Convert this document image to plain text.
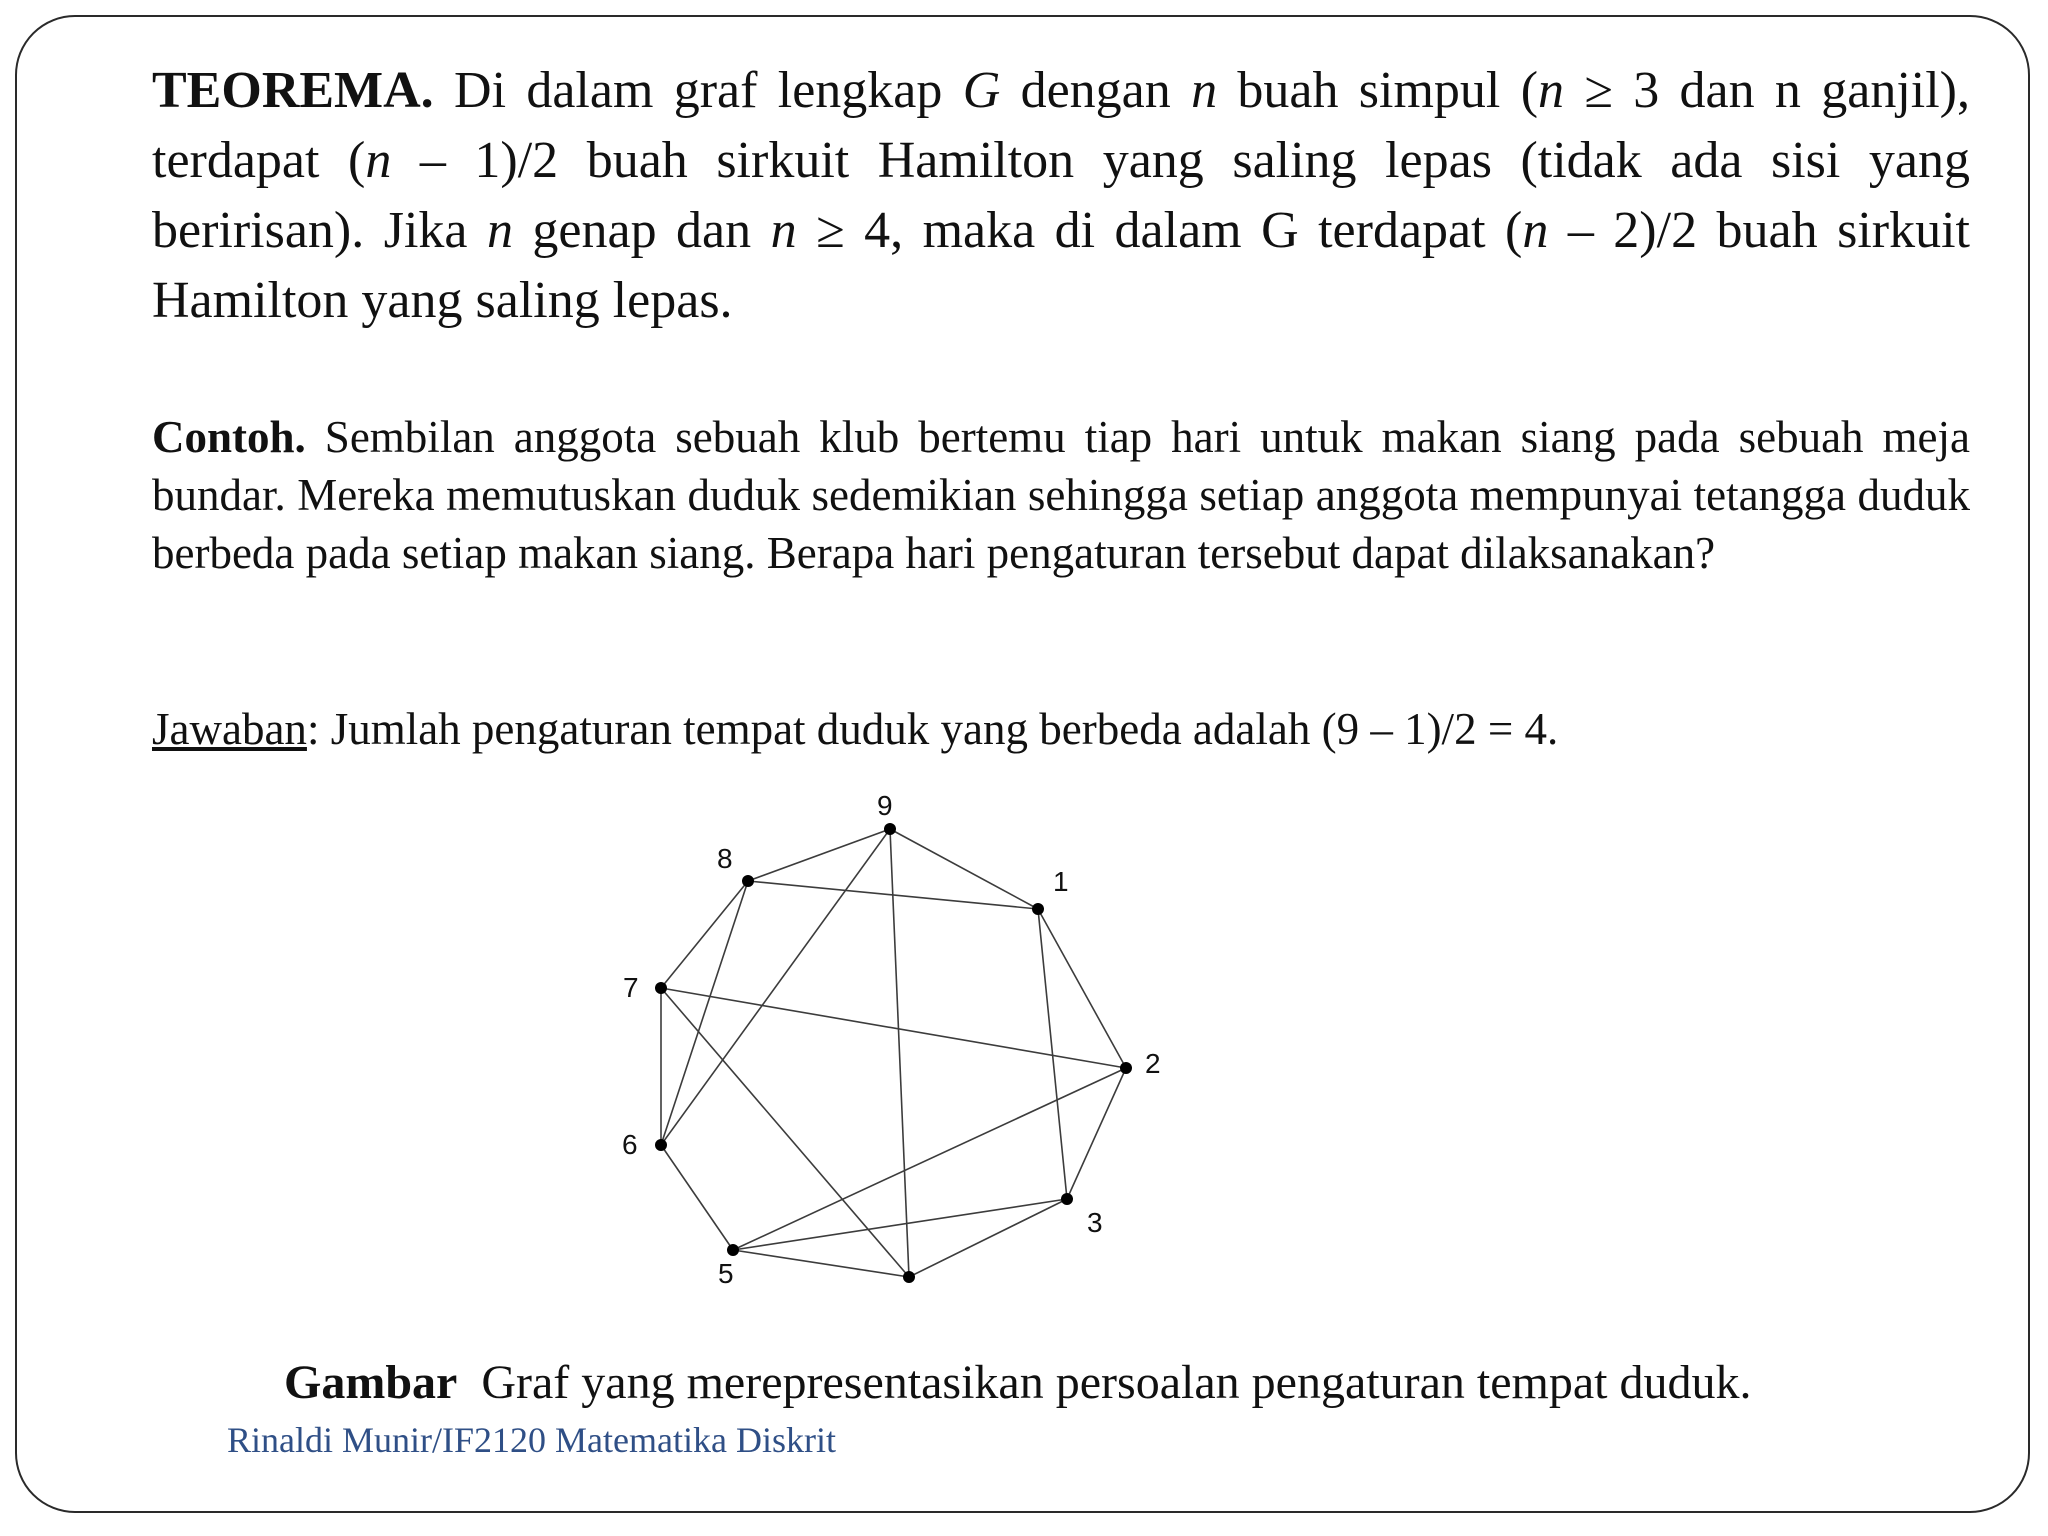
TEOREMA. Di dalam graf lengkap G dengan n buah simpul (n ≥ 3 dan n ganjil), terdapat (n – 1)/2 buah sirkuit Hamilton yang saling lepas (tidak ada sisi yang beririsan). Jika n genap dan n ≥ 4, maka di dalam G terdapat (n – 2)/2 buah sirkuit Hamilton yang saling lepas.

Contoh. Sembilan anggota sebuah klub bertemu tiap hari untuk makan siang pada sebuah meja bundar. Mereka memutuskan duduk sedemikian sehingga setiap anggota mempunyai tetangga duduk berbeda pada setiap makan siang. Berapa hari pengaturan tersebut dapat dilaksanakan?

Jawaban: Jumlah pengaturan tempat duduk yang berbeda adalah (9 – 1)/2 = 4.

9
1
2
3
5
6
7
8
Gambar  Graf yang merepresentasikan persoalan pengaturan tempat duduk.
Rinaldi Munir/IF2120 Matematika Diskrit
